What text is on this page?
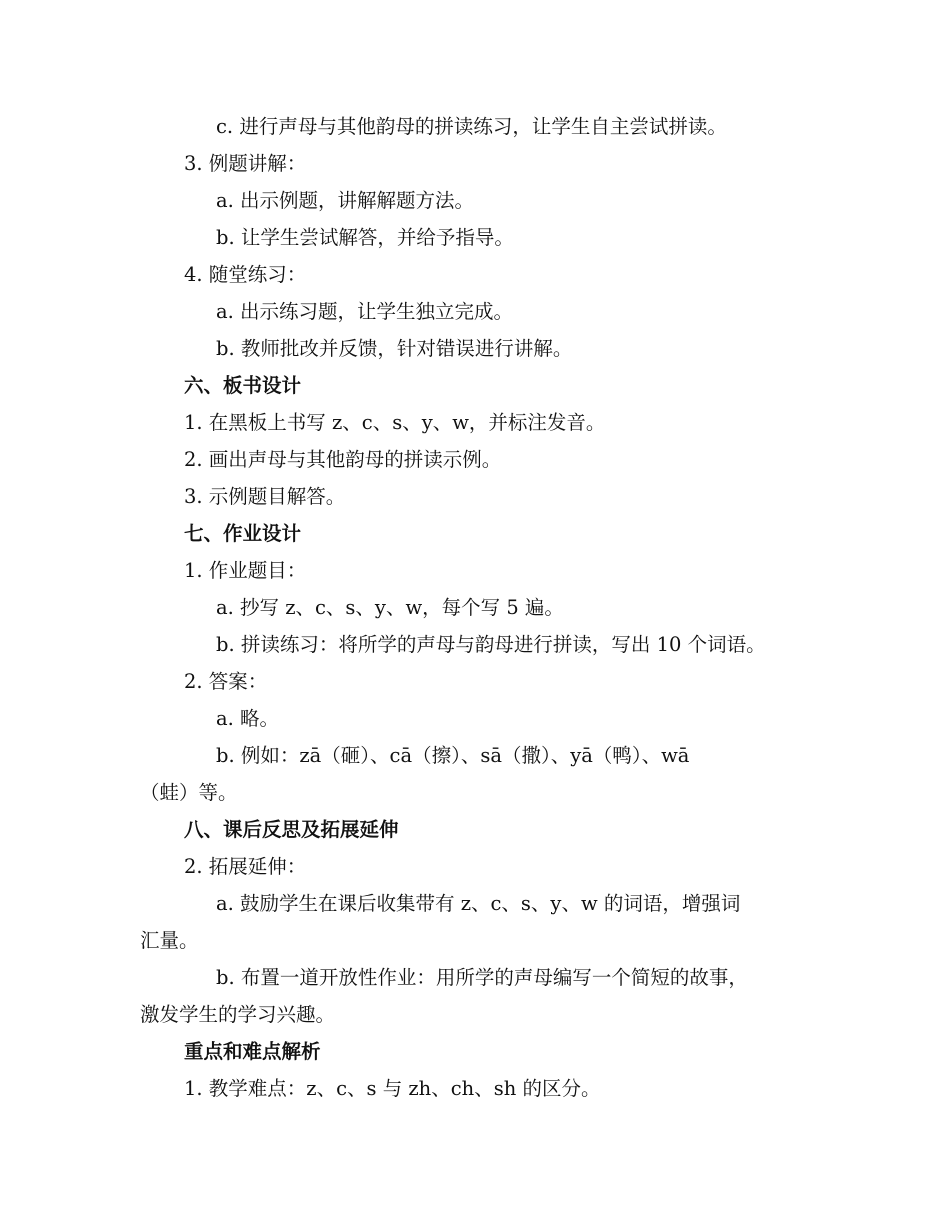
c. 进行声母与其他韵母的拼读练习，让学生自主尝试拼读。
3. 例题讲解：
a. 出示例题，讲解解题方法。
b. 让学生尝试解答，并给予指导。
4. 随堂练习：
a. 出示练习题，让学生独立完成。
b. 教师批改并反馈，针对错误进行讲解。
六、板书设计
1. 在黑板上书写 z、c、s、y、w，并标注发音。
2. 画出声母与其他韵母的拼读示例。
3. 示例题目解答。
七、作业设计
1. 作业题目：
a. 抄写 z、c、s、y、w，每个写 5 遍。
b. 拼读练习：将所学的声母与韵母进行拼读，写出 10 个词语。
2. 答案：
a. 略。
b. 例如：zā（砸）、cā（擦）、sā（撒）、yā（鸭）、wā
（蛙）等。
八、课后反思及拓展延伸
2. 拓展延伸：
a. 鼓励学生在课后收集带有 z、c、s、y、w 的词语，增强词
汇量。
b. 布置一道开放性作业：用所学的声母编写一个简短的故事，
激发学生的学习兴趣。
重点和难点解析
1. 教学难点：z、c、s 与 zh、ch、sh 的区分。
